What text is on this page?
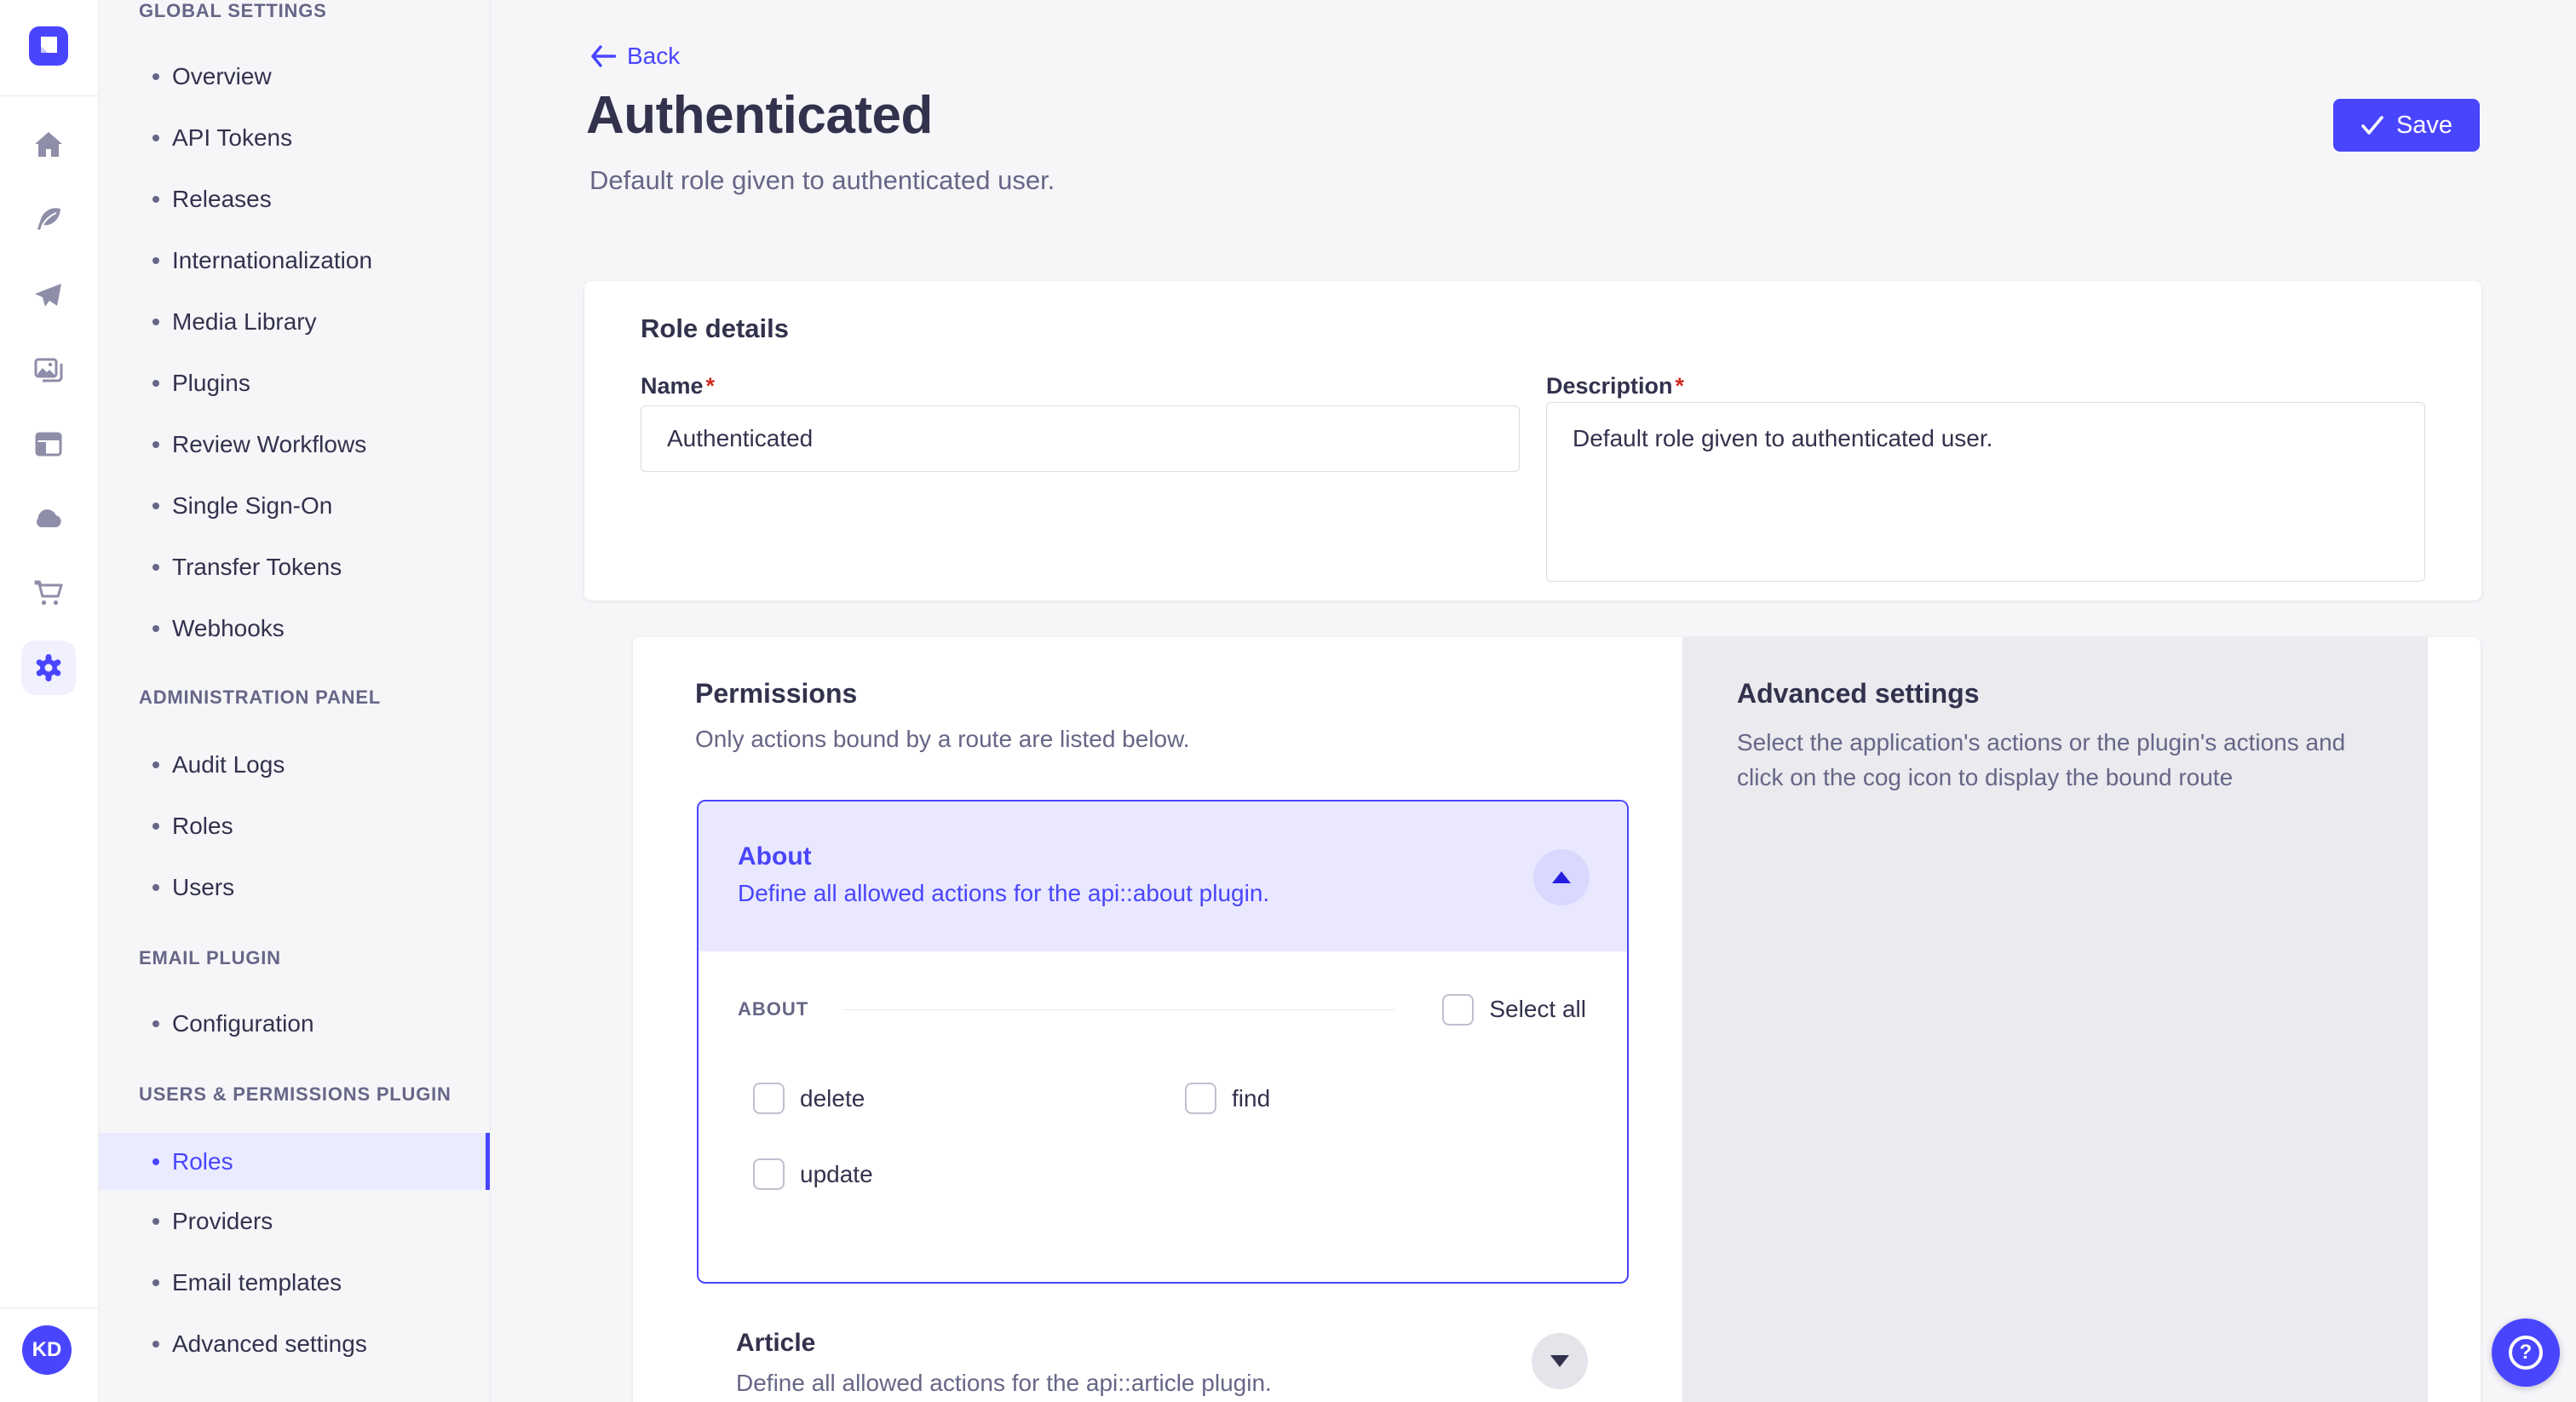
KD
GLOBAL SETTINGS
Overview
API Tokens
Releases
Internationalization
Media Library
Plugins
Review Workflows
Single Sign-On
Transfer Tokens
Webhooks
ADMINISTRATION PANEL
Audit Logs
Roles
Users
EMAIL PLUGIN
Configuration
USERS & PERMISSIONS PLUGIN
Roles
Providers
Email templates
Advanced settings
Back
Authenticated

Default role given to authenticated user.

Save
Role details
Name *
Authenticated	Description *
Default role given to authenticated user.
Permissions

Only actions bound by a route are listed below.

About
Define all allowed actions for the api::about plugin.
ABOUT	Select all
delete	find
update
Article
Define all allowed actions for the api::article plugin.
Advanced settings

Select the application's actions or the plugin's actions and click on the cog icon to display the bound route

?
